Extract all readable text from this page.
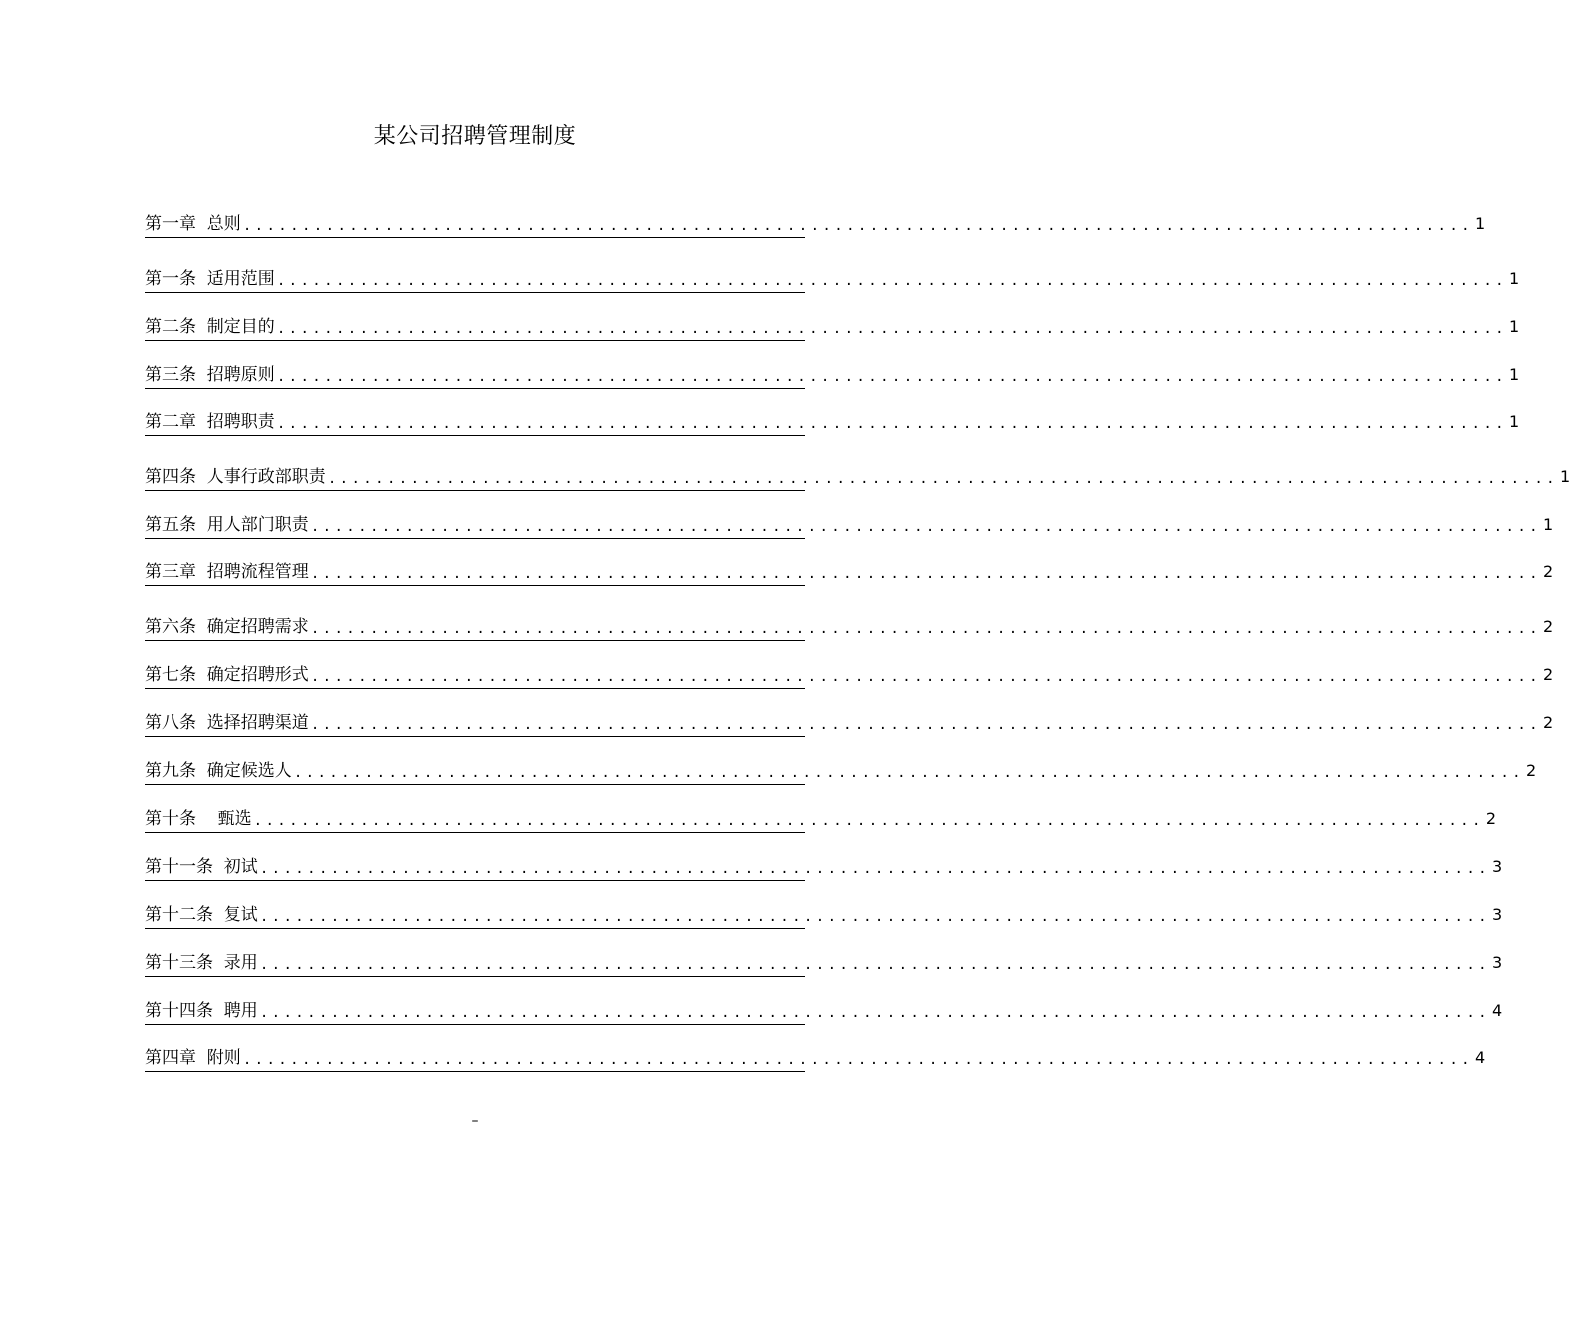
某公司招聘管理制度
第一章  总则 ........................................................................................................ 1
第一条  适用范围 ........................................................................................................ 1
第二条  制定目的 ........................................................................................................ 1
第三条  招聘原则 ........................................................................................................ 1
第二章  招聘职责 ........................................................................................................ 1
第四条  人事行政部职责 ........................................................................................................ 1
第五条  用人部门职责 ........................................................................................................ 1
第三章  招聘流程管理 ........................................................................................................ 2
第六条  确定招聘需求 ........................................................................................................ 2
第七条  确定招聘形式 ........................................................................................................ 2
第八条  选择招聘渠道 ........................................................................................................ 2
第九条  确定候选人 ........................................................................................................ 2
第十条    甄选 ........................................................................................................ 2
第十一条  初试 ........................................................................................................ 3
第十二条  复试 ........................................................................................................ 3
第十三条  录用 ........................................................................................................ 3
第十四条  聘用 ........................................................................................................ 4
第四章  附则 ........................................................................................................ 4
–
